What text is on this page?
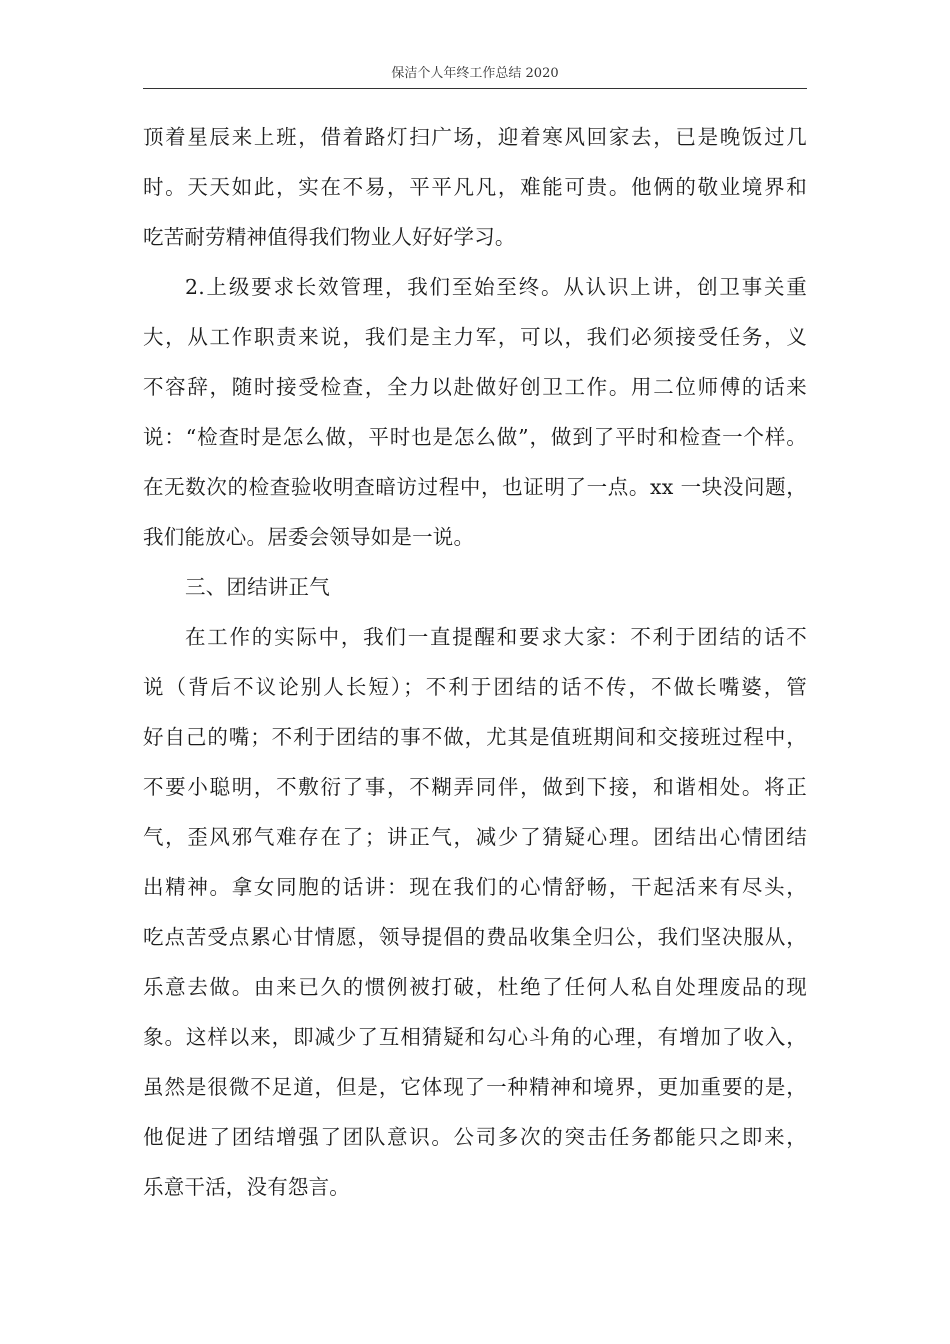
保洁个人年终工作总结 2020
顶着星辰来上班，借着路灯扫广场，迎着寒风回家去，已是晚饭过几
时。天天如此，实在不易，平平凡凡，难能可贵。他俩的敬业境界和
吃苦耐劳精神值得我们物业人好好学习。
2.上级要求长效管理，我们至始至终。从认识上讲，创卫事关重
大，从工作职责来说，我们是主力军，可以，我们必须接受任务，义
不容辞，随时接受检查，全力以赴做好创卫工作。用二位师傅的话来
说：“检查时是怎么做，平时也是怎么做”，做到了平时和检查一个样。
在无数次的检查验收明查暗访过程中，也证明了一点。xx 一块没问题，
我们能放心。居委会领导如是一说。
三、团结讲正气
在工作的实际中，我们一直提醒和要求大家：不利于团结的话不
说（背后不议论别人长短）；不利于团结的话不传，不做长嘴婆，管
好自己的嘴；不利于团结的事不做，尤其是值班期间和交接班过程中，
不要小聪明，不敷衍了事，不糊弄同伴，做到下接，和谐相处。将正
气，歪风邪气难存在了；讲正气，减少了猜疑心理。团结出心情团结
出精神。拿女同胞的话讲：现在我们的心情舒畅，干起活来有尽头，
吃点苦受点累心甘情愿，领导提倡的费品收集全归公，我们坚决服从，
乐意去做。由来已久的惯例被打破，杜绝了任何人私自处理废品的现
象。这样以来，即减少了互相猜疑和勾心斗角的心理，有增加了收入，
虽然是很微不足道，但是，它体现了一种精神和境界，更加重要的是，
他促进了团结增强了团队意识。公司多次的突击任务都能只之即来，
乐意干活，没有怨言。
